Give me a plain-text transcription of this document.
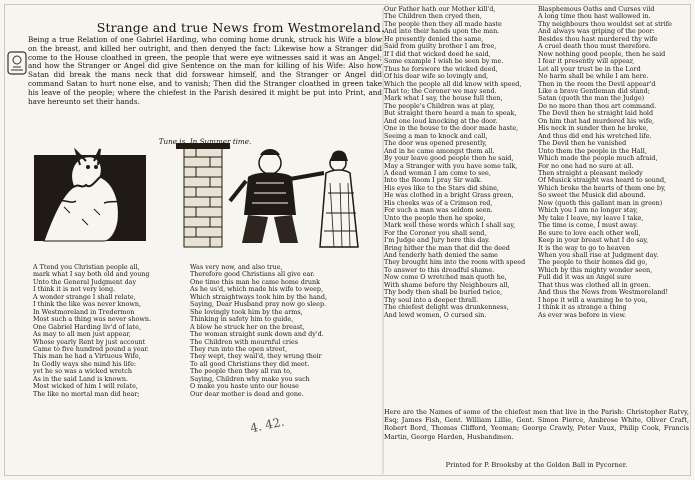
Strange and true News from Westmoreland.
Being a true Relation of one Gabriel Harding, who coming home drunk, struck his Wife a blow on the breast, and killed her outright, and then denyed the fact: Likewise how a Stranger did come to the House cloathed in green, the people that were eye witnesses said it was an Angel; and how the Stranger or Angel did give Sentence on the man for killing of his Wife: Also how Satan did break the mans neck that did forswear himself, and the Stranger or Angel did command Satan to hurt none else, and to vanish; Then did the Stranger cloathed in green take his leave of the people; where the chiefest in the Parish desired it might be put into Print, and have hereunto set their hands.
Tune is, In Summer time.
A Ttend you Christian people all,
mark what I say both old and young
Unto the General Judgment day
I think it is not very long.
A wonder strange I shall relate,
I think the like was never known,
In Westmoreland in Tredermon
Most such a thing was never shown.
One Gabriel Harding liv'd of late,
As may to all men just appear,
Whose yearly Rent by just account
Came to five hundred pound a year.
This man he had a Virtuous Wife,
In Godly ways she mind his life:
yet he so was a wicked wretch
As in the said Land is known.
Most wicked of him I will relate,
The like no mortal man did hear;
Was very now, and also true,
Therefore good Christians all give ear.
One time this man he came home drunk
As he us'd, which made his wife to weep,
Which straightways took him by the hand,
Saying, Dear Husband pray now go sleep.
She lovingly took him by the arms,
Thinking in safety him to guide,
A blow he struck her on the breast,
The woman straight sunk down and dy'd.
The Children with mournful cries
They run into the open street,
They wept, they wail'd, they wrung their
To all good Christians they did meet.
The people then they all ran to,
Saying, Children why make you such
O make you haste unto our house
Our dear mother is dead and gone.
Our Father hath our Mother kill'd,
The Children then cryed then,
The people then they all made haste
And into their hands upon the man.
He presently denied the same,
Said from guilty brother I am free,
If I did that wicked deed he said,
Some example I wish be seen by me.
Thus he forswore the wicked deed,
Of his dear wife so lovingly and,
Which the people all did know with speed,
That to; the Coroner we may send.
Mark what I say, the house full then,
The people's Children was at play,
But straight there heard a man to speak,
And one loud knocking at the door.
One in the house to the door made haste,
Seeing a man to knock and call,
The door was opened presently,
And in he came amongst them all.
By your leave good people then he said,
May a Stranger with you have some talk,
A dead woman I am come to see,
Into the Room I pray Sir walk.
His eyes like to the Stars did shine,
He was clothed in a bright Grass green,
His cheeks was of a Crimson red,
For such a man was seldom seen.
Unto the people then he spoke,
Mark well these words which I shall say,
For the Coroner you shall send,
I'm Judge and Jury here this day.
Bring hither the man that did the deed
And tenderly hath denied the same
They brought him into the room with speed
To answer to this dreadful shame.
Now come O wretched man quoth he,
With shame before thy Neighbours all,
Thy body then shall be buried twice,
Thy soul into a deeper thrall.
The chiefest delight was drunkenness,
And lewd women, O cursed sin.
Blasphemous Oaths and Curses vild
A long time thou hast wallowed in.
Thy neighbours thou wouldst set at strife
And always was griping of the poor:
Besides thou hast murdered thy wife
A cruel death thou must therefore.
Now nothing good people, then he said
I fear it presently will appear,
Let all your trust be in the Lord
No harm shall be while I am here.
Then in the room the Devil appear'd
Like a brave Gentleman did stand;
Satan (quoth the man the Judge)
Do no more than thou art command.
The Devil then he straight laid hold
On him that had murdered his wife,
His neck in sunder then he broke,
And thus did end his wretched life.
The Devil then he vanished
Unto them the people in the Hall,
Which made the people much afraid,
For no one had no sure at all.
Then straight a pleasant melody
Of Musick straight was heard to sound,
Which broke the hearts of them one by,
So sweet the Musick did abound.
Now (quoth this gallant man in green)
Which you I am no longer stay,
My take I leave, my leave I take,
The time is come, I must away.
Be sure to love each other well,
Keep in your breast what I do say,
It is the way to go to heaven
When you shall rise at Judgment day.
The people to their homes did go,
Which by this mighty wonder seen,
Full did it was an Angel sure
That thus was clothed all in green.
And thus the News from Westmoreland!
I hope it will a warning be to you,
I think it as strange a thing
As ever was before in view.
4. 42.
Here are the Names of some of the chiefest men that live in the Parish: Christopher Ratvy, Esq; James Fish, Gent. William Lillie, Gent. Simon Pierce, Ambrose White, Oliver Craft, Robert Bord, Thomas Clifford, Yeoman; George Crawly, Peter Vaux, Philip Cook, Francis Martin, George Harden, Husbandmen.
Printed for P. Brooksby at the Golden Ball in Pycorner.
